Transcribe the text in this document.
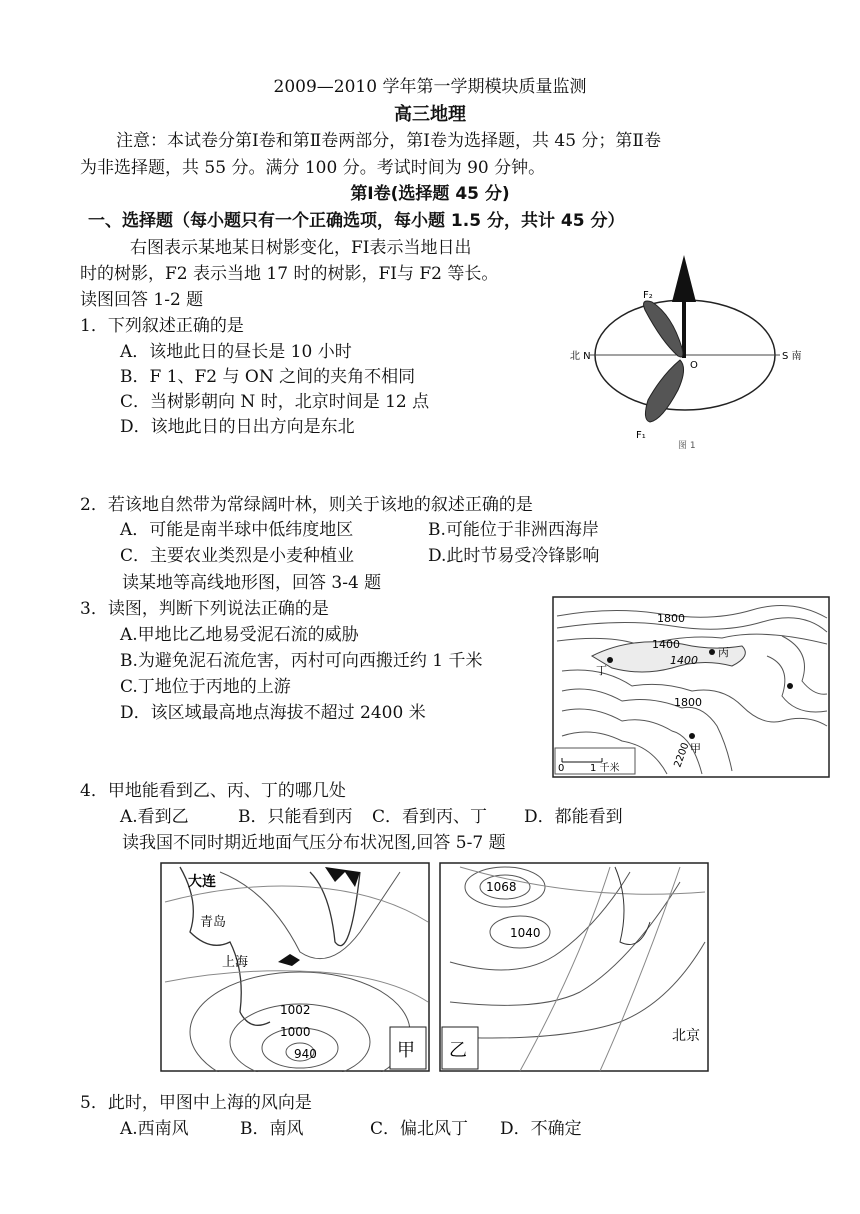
2009—2010 学年第一学期模块质量监测
高三地理
注意：本试卷分第Ⅰ卷和第Ⅱ卷两部分，第Ⅰ卷为选择题，共 45 分；第Ⅱ卷
为非选择题，共 55 分。满分 100 分。考试时间为 90 分钟。
第Ⅰ卷(选择题 45 分)
一、选择题（每小题只有一个正确选项，每小题 1.5 分，共计 45 分）
右图表示某地某日树影变化，FⅠ表示当地日出
时的树影，F2 表示当地 17 时的树影，FⅠ与 F2 等长。
读图回答 1-2 题
1．下列叙述正确的是
A．该地此日的昼长是 10 小时
B．F 1、F2 与 ON 之间的夹角不相同
C．当树影朝向 N 时，北京时间是 12 点
D．该地此日的日出方向是东北
F₂
F₁
北 N	S 南
O
图 1
2．若该地自然带为常绿阔叶林，则关于该地的叙述正确的是
A．可能是南半球中低纬度地区	B.可能位于非洲西海岸
C．主要农业类烈是小麦种植业	D.此时节易受冷锋影响
读某地等高线地形图，回答 3-4 题
3．读图，判断下列说法正确的是
A.甲地比乙地易受泥石流的威胁
B.为避免泥石流危害，丙村可向西搬迁约 1 千米
C.丁地位于丙地的上游
D．该区域最高地点海拔不超过 2400 米
1800
1400
1400
1800
2200
丙
丁
甲
0	1 千米
4．甲地能看到乙、丙、丁的哪几处
A.看到乙	B．只能看到丙 C．看到丙、丁 D．都能看到
读我国不同时期近地面气压分布状况图,回答 5-7 题
大连
青岛
上海
1002
1000
940	甲
1068
1040
北京
乙
5．此时，甲图中上海的风向是
A.西南风	B．南风	C．偏北风丁 D．不确定
